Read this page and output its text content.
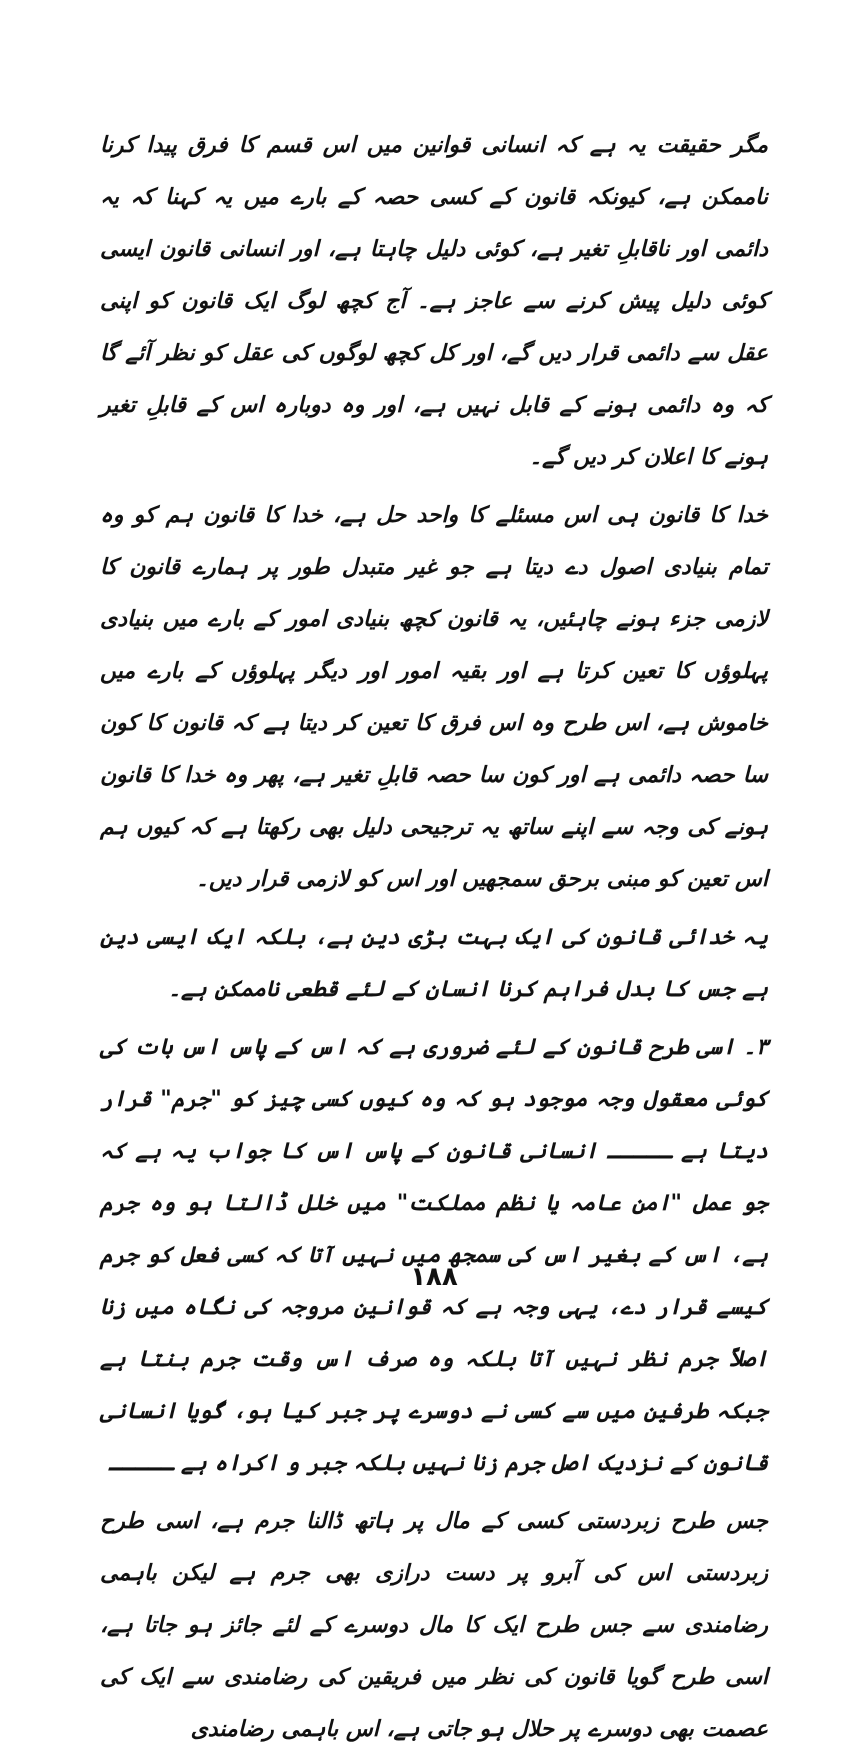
مگر حقیقت یہ ہے کہ انسانی قوانین میں اس قسم کا فرق پیدا کرنا ناممکن ہے، کیونکہ قانون کے کسی حصہ کے بارے میں یہ کہنا کہ یہ دائمی اور ناقابلِ تغیر ہے، کوئی دلیل چاہتا ہے، اور انسانی قانون ایسی کوئی دلیل پیش کرنے سے عاجز ہے۔ آج کچھ لوگ ایک قانون کو اپنی عقل سے دائمی قرار دیں گے، اور کل کچھ لوگوں کی عقل کو نظر آئے گا کہ وہ دائمی ہونے کے قابل نہیں ہے، اور وہ دوبارہ اس کے قابلِ تغیر ہونے کا اعلان کر دیں گے۔

خدا کا قانون ہی اس مسئلے کا واحد حل ہے، خدا کا قانون ہم کو وہ تمام بنیادی اصول دے دیتا ہے جو غیر متبدل طور پر ہمارے قانون کا لازمی جزء ہونے چاہئیں، یہ قانون کچھ بنیادی امور کے بارے میں بنیادی پہلوؤں کا تعین کرتا ہے اور بقیہ امور اور دیگر پہلوؤں کے بارے میں خاموش ہے، اس طرح وہ اس فرق کا تعین کر دیتا ہے کہ قانون کا کون سا حصہ دائمی ہے اور کون سا حصہ قابلِ تغیر ہے، پھر وہ خدا کا قانون ہونے کی وجہ سے اپنے ساتھ یہ ترجیحی دلیل بھی رکھتا ہے کہ کیوں ہم اس تعین کو مبنی برحق سمجھیں اور اس کو لازمی قرار دیں۔

یہ خدائی قانون کی ایک بہت بڑی دین ہے، بلکہ ایک ایسی دین ہے جس کا بدل فراہم کرنا انسان کے لئے قطعی ناممکن ہے۔

۳۔ اسی طرح قانون کے لئے ضروری ہے کہ اس کے پاس اس بات کی کوئی معقول وجہ موجود ہو کہ وہ کیوں کسی چیز کو "جرم" قرار دیتا ہے ـــــ انسانی قانون کے پاس اس کا جواب یہ ہے کہ جو عمل "امن عامہ یا نظم مملکت" میں خلل ڈالتا ہو وہ جرم ہے، اس کے بغیر اس کی سمجھ میں نہیں آتا کہ کسی فعل کو جرم کیسے قرار دے، یہی وجہ ہے کہ قوانین مروجہ کی نگاہ میں زنا اصلاً جرم نظر نہیں آتا بلکہ وہ صرف اس وقت جرم بنتا ہے جبکہ طرفین میں سے کسی نے دوسرے پر جبر کیا ہو، گویا انسانی قانون کے نزدیک اصل جرم زنا نہیں بلکہ جبر و اکراہ ہے ـــــ

جس طرح زبردستی کسی کے مال پر ہاتھ ڈالنا جرم ہے، اسی طرح زبردستی اس کی آبرو پر دست درازی بھی جرم ہے لیکن باہمی رضامندی سے جس طرح ایک کا مال دوسرے کے لئے جائز ہو جاتا ہے، اسی طرح گویا قانون کی نظر میں فریقین کی رضامندی سے ایک کی عصمت بھی دوسرے پر حلال ہو جاتی ہے، اس باہمی رضامندی

۱۸۸
